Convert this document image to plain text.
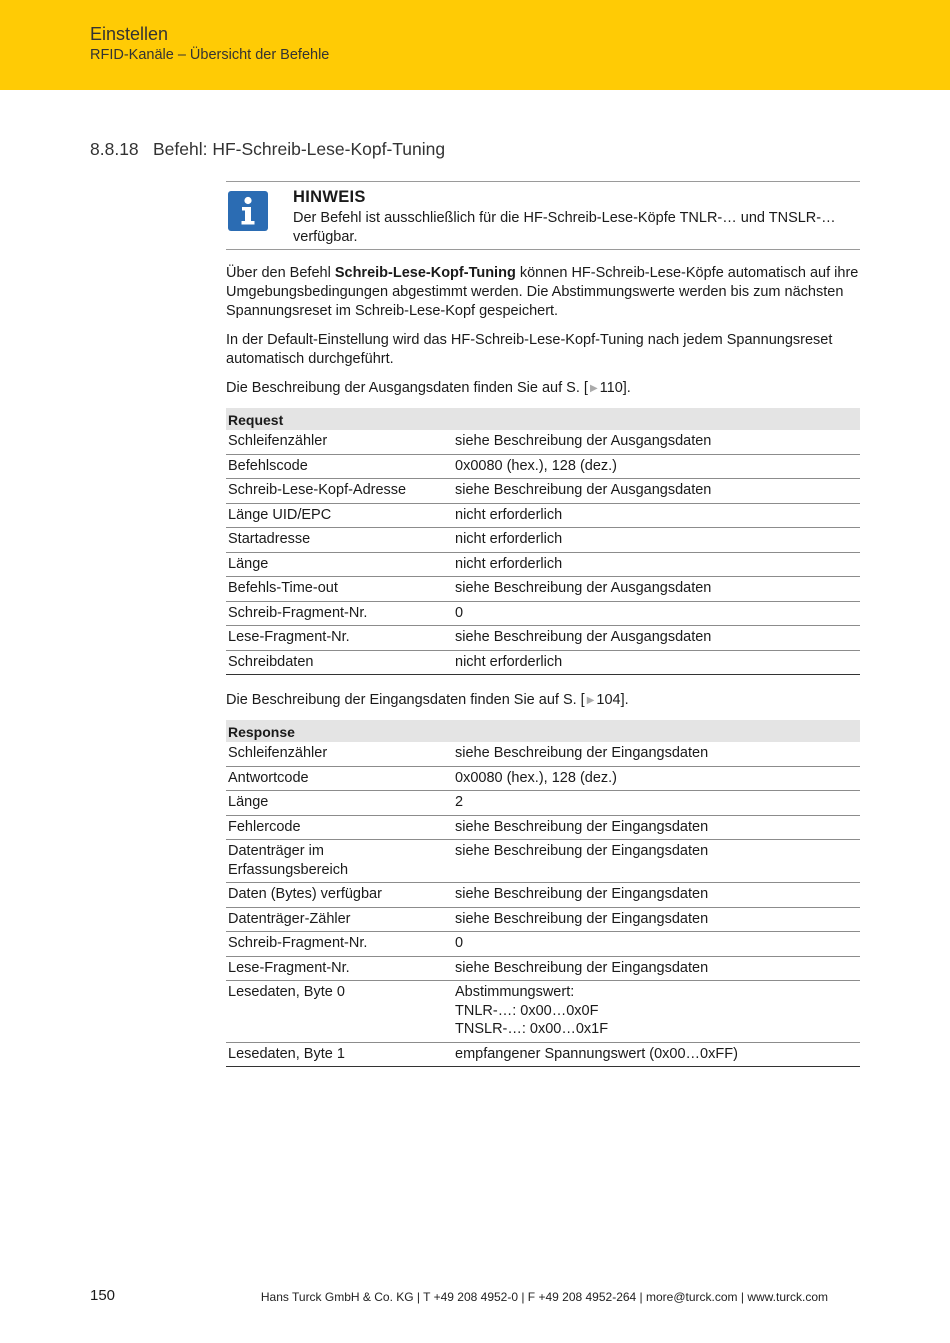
Einstellen
RFID-Kanäle – Übersicht der Befehle
8.8.18 Befehl: HF-Schreib-Lese-Kopf-Tuning
HINWEIS
Der Befehl ist ausschließlich für die HF-Schreib-Lese-Köpfe TNLR-… und TNSLR-… verfügbar.

Über den Befehl Schreib-Lese-Kopf-Tuning können HF-Schreib-Lese-Köpfe automatisch auf ihre Umgebungsbedingungen abgestimmt werden. Die Abstimmungswerte werden bis zum nächsten Spannungsreset im Schreib-Lese-Kopf gespeichert.

In der Default-Einstellung wird das HF-Schreib-Lese-Kopf-Tuning nach jedem Spannungsreset automatisch durchgeführt.

Die Beschreibung der Ausgangsdaten finden Sie auf S. [ ▶ 110].

Request	
Schleifenzähler	siehe Beschreibung der Ausgangsdaten
Befehlscode	0x0080 (hex.), 128 (dez.)
Schreib-Lese-Kopf-Adresse	siehe Beschreibung der Ausgangsdaten
Länge UID/EPC	nicht erforderlich
Startadresse	nicht erforderlich
Länge	nicht erforderlich
Befehls-Time-out	siehe Beschreibung der Ausgangsdaten
Schreib-Fragment-Nr.	0
Lese-Fragment-Nr.	siehe Beschreibung der Ausgangsdaten
Schreibdaten	nicht erforderlich

Die Beschreibung der Eingangsdaten finden Sie auf S. [ ▶ 104].

Response	
Schleifenzähler	siehe Beschreibung der Eingangsdaten
Antwortcode	0x0080 (hex.), 128 (dez.)
Länge	2
Fehlercode	siehe Beschreibung der Eingangsdaten
Datenträger im
Erfassungsbereich	siehe Beschreibung der Eingangsdaten
Daten (Bytes) verfügbar	siehe Beschreibung der Eingangsdaten
Datenträger-Zähler	siehe Beschreibung der Eingangsdaten
Schreib-Fragment-Nr.	0
Lese-Fragment-Nr.	siehe Beschreibung der Eingangsdaten
Lesedaten, Byte 0	Abstimmungswert:
TNLR-…: 0x00…0x0F
TNSLR-…: 0x00…0x1F
Lesedaten, Byte 1	empfangener Spannungswert (0x00…0xFF)
150	Hans Turck GmbH & Co. KG | T +49 208 4952-0 | F +49 208 4952-264 | more@turck.com | www.turck.com
